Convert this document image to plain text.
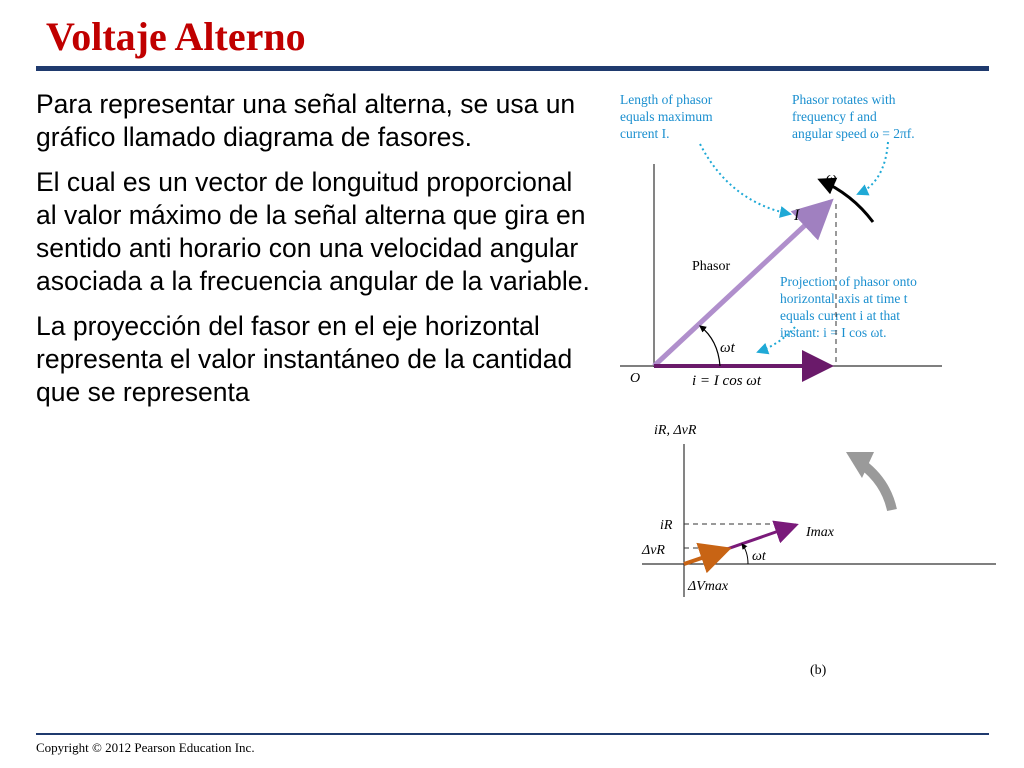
Voltaje Alterno

Para representar una señal alterna, se usa un gráfico llamado diagrama de fasores.

El cual es un vector de longuitud proporcional al valor máximo de la señal alterna que gira en sentido anti horario con una velocidad angular asociada a la frecuencia angular de la variable.

La proyección del fasor en el eje horizontal representa el valor instantáneo de la cantidad que se representa

Length of phasor equals maximum current I.
Phasor rotates with frequency f and angular speed ω = 2πf.
Projection of phasor onto horizontal axis at time t equals current i at that instant: i = I cos ωt.
ω
I
Phasor
ωt
O	i = I cos ωt
iR, ΔvR
iR
ΔvR
Imax
ωt
ΔVmax
(b)
Copyright © 2012 Pearson Education Inc.
